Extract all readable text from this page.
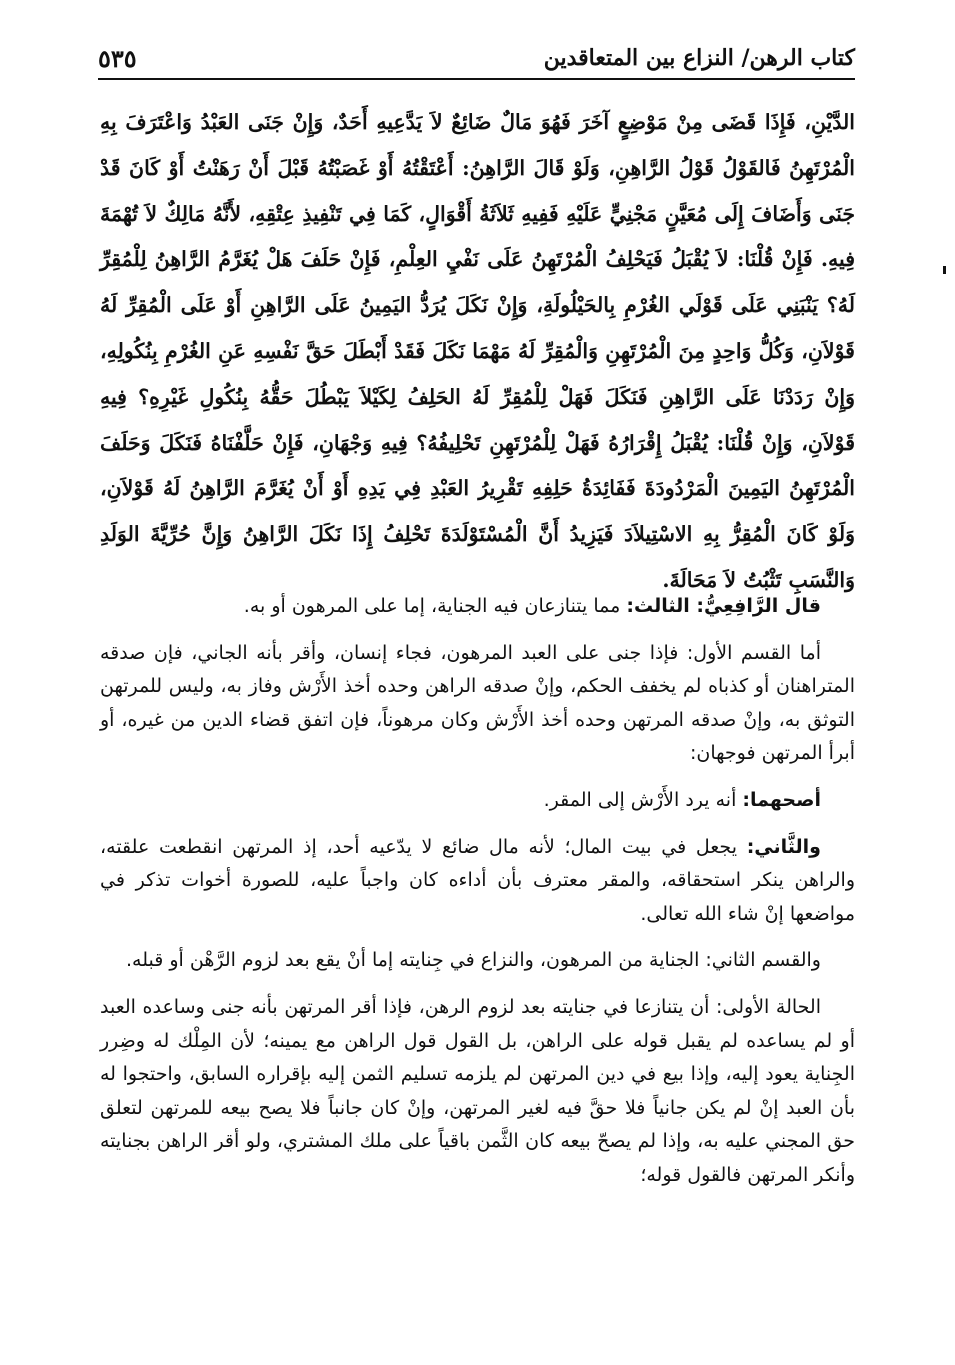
كتاب الرهن/ النزاع بين المتعاقدين
٥٣٥
الدَّيْنِ، فَإِذَا قَضَى مِنْ مَوْضِعٍ آخَرَ فَهُوَ مَالٌ ضَائِعٌ لاَ يَدَّعِيهِ أَحَدٌ، وَإِنْ جَنَى العَبْدُ وَاعْتَرَفَ بِهِ الْمُرْتَهِنُ فَالقَوْلُ قَوْلُ الرَّاهِنِ، وَلَوْ قَالَ الرَّاهِنُ: أَعْتَقْتُهُ أَوْ غَصَبْتُهُ قَبْلَ أَنْ رَهَنْتُ أَوْ كَانَ قَدْ جَنَى وَأَضَافَ إِلَى مُعَيَّنٍ مَجْنِيٍّ عَلَيْهِ فَفِيهِ ثَلاَثَةُ أَقْوَالٍ، كَمَا فِي تَنْفِيذِ عِتْقِهِ، لأَنَّهُ مَالِكٌ لاَ تُهْمَةَ فِيهِ. فَإِنْ قُلْنَا: لاَ يُقْبَلُ فَيَحْلِفُ الْمُرْتَهِنُ عَلَى نَفْيِ العِلْمِ، فَإِنْ حَلَفَ هَلْ يُغَرَّمُ الرَّاهِنُ لِلْمُقِرِّ لَهُ؟ يَنْبَنِي عَلَى قَوْلَي الغُرْمِ بِالحَيْلُولَةِ، وَإِنْ نَكَلَ يُرَدُّ اليَمِينُ عَلَى الرَّاهِنِ أَوْ عَلَى الْمُقِرِّ لَهُ قَوْلاَنِ، وَكُلُّ وَاحِدٍ مِنَ الْمُرْتَهِنِ وَالْمُقِرِّ لَهُ مَهْمَا نَكَلَ فَقَدْ أَبْطَلَ حَقَّ نَفْسِهِ عَنِ الغُرْمِ بِنُكُولِهِ، وَإِنْ رَدَدْنَا عَلَى الرَّاهِنِ فَنَكَلَ فَهَلْ لِلْمُقِرِّ لَهُ الحَلِفُ لِكَيْلاَ يَبْطُلَ حَقُّهُ بِنُكُولِ غَيْرِهِ؟ فِيهِ قَوْلاَنِ، وَإِنْ قُلْنَا: يُقْبَلُ إِقْرَارُهُ فَهَلْ لِلْمُرْتَهِنِ تَحْلِيفُهُ؟ فِيهِ وَجْهَانِ، فَإِنْ حَلَّفْنَاهُ فَنَكَلَ وَحَلَفَ الْمُرْتَهِنُ اليَمِينَ الْمَرْدُودَةَ فَفَائِدَةُ حَلِفِهِ تَقْرِيرُ العَبْدِ فِي يَدِهِ أَوْ أَنْ يُغَرَّمَ الرَّاهِنُ لَهُ قَوْلاَنِ، وَلَوْ كَانَ الْمُقِرُّ بِهِ الاسْتِيلاَدَ فَيَزِيدُ أَنَّ الْمُسْتَوْلَدَةَ تَحْلِفُ إِذَا نَكَلَ الرَّاهِنُ وَإِنَّ حُرِّيَّةَ الوَلَدِ وَالنَّسَبِ تَثْبُتُ لاَ مَحَالَةَ.

قال الرَّافِعِيُّ: الثالث: مما يتنازعان فيه الجناية، إما على المرهون أو به.

أما القسم الأول: فإذا جنى على العبد المرهون، فجاء إنسان، وأقر بأنه الجاني، فإن صدقه المتراهنان أو كذباه لم يخفف الحكم، وإنْ صدقه الراهن وحده أخذ الأَرْش وفاز به، وليس للمرتهن التوثق به، وإنْ صدقه المرتهن وحده أخذ الأَرْش وكان مرهوناً، فإن اتفق قضاء الدين من غيره، أو أبرأ المرتهن فوجهان:

أصحهما: أنه يرد الأَرْش إلى المقر.

والثَّاني: يجعل في بيت المال؛ لأنه مال ضائع لا يدّعيه أحد، إذ المرتهن انقطعت علقته، والراهن ينكر استحقاقه، والمقر معترف بأن أداءه كان واجباً عليه، للصورة أخوات تذكر في مواضعها إنْ شاء الله تعالى.

والقسم الثاني: الجناية من المرهون، والنزاع في جِنايته إما أنْ يقع بعد لزوم الرَّهْن أو قبله.

الحالة الأولى: أن يتنازعا في جنايته بعد لزوم الرهن، فإذا أقر المرتهن بأنه جنى وساعده العبد أو لم يساعده لم يقبل قوله على الراهن، بل القول قول الراهن مع يمينه؛ لأن المِلْك له وضِرر الجِناية يعود إليه، وإذا بيع في دين المرتهن لم يلزمه تسليم الثمن إليه بإقراره السابق، واحتجوا له بأن العبد إنْ لم يكن جانياً فلا حقَّ فيه لغير المرتهن، وإنْ كان جانباً فلا يصح بيعه للمرتهن لتعلق حق المجني عليه به، وإذا لم يصحّ بيعه كان الثَّمن باقياً على ملك المشتري، ولو أقر الراهن بجنايته وأنكر المرتهن فالقول قوله؛
